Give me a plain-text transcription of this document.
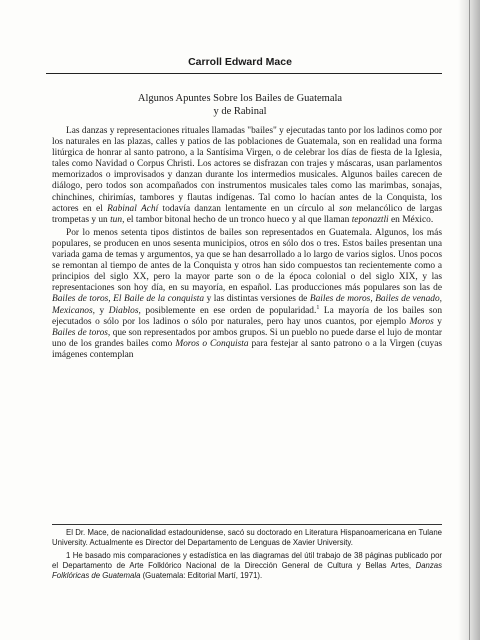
Carroll Edward Mace
Algunos Apuntes Sobre los Bailes de Guatemala
y de Rabinal

Las danzas y representaciones rituales llamadas "bailes" y ejecutadas tanto por los ladinos como por los naturales en las plazas, calles y patios de las poblaciones de Guatemala, son en realidad una forma litúrgica de honrar al santo patrono, a la Santísima Virgen, o de celebrar los días de fiesta de la Iglesia, tales como Navidad o Corpus Christi. Los actores se disfrazan con trajes y máscaras, usan parlamentos memorizados o improvisados y danzan durante los intermedios musicales. Algunos bailes carecen de diálogo, pero todos son acompañados con instrumentos musicales tales como las marimbas, sonajas, chinchines, chirimías, tambores y flautas indígenas. Tal como lo hacían antes de la Conquista, los actores en el Rabinal Achí todavía danzan lentamente en un círculo al son melancólico de largas trompetas y un tun, el tambor bitonal hecho de un tronco hueco y al que llaman teponaztli en México.

Por lo menos setenta tipos distintos de bailes son representados en Guatemala. Algunos, los más populares, se producen en unos sesenta municipios, otros en sólo dos o tres. Estos bailes presentan una variada gama de temas y argumentos, ya que se han desarrollado a lo largo de varios siglos. Unos pocos se remontan al tiempo de antes de la Conquista y otros han sido compuestos tan recientemente como a principios del siglo XX, pero la mayor parte son o de la época colonial o del siglo XIX, y las representaciones son hoy día, en su mayoría, en español. Las producciones más populares son las de Bailes de toros, El Baile de la conquista y las distintas versiones de Bailes de moros, Bailes de venado, Mexicanos, y Diablos, posiblemente en ese orden de popularidad.$^1$ La mayoría de los bailes son ejecutados o sólo por los ladinos o sólo por naturales, pero hay unos cuantos, por ejemplo Moros y Bailes de toros, que son representados por ambos grupos. Si un pueblo no puede darse el lujo de montar uno de los grandes bailes como Moros o Conquista para festejar al santo patrono o a la Virgen (cuyas imágenes contemplan

El Dr. Mace, de nacionalidad estadounidense, sacó su doctorado en Literatura Hispanoamericana en Tulane University. Actualmente es Director del Departamento de Lenguas de Xavier University.

1 He basado mis comparaciones y estadística en las diagramas del útil trabajo de 38 páginas publicado por el Departamento de Arte Folklórico Nacional de la Dirección General de Cultura y Bellas Artes, Danzas Folklóricas de Guatemala (Guatemala: Editorial Martí, 1971).
